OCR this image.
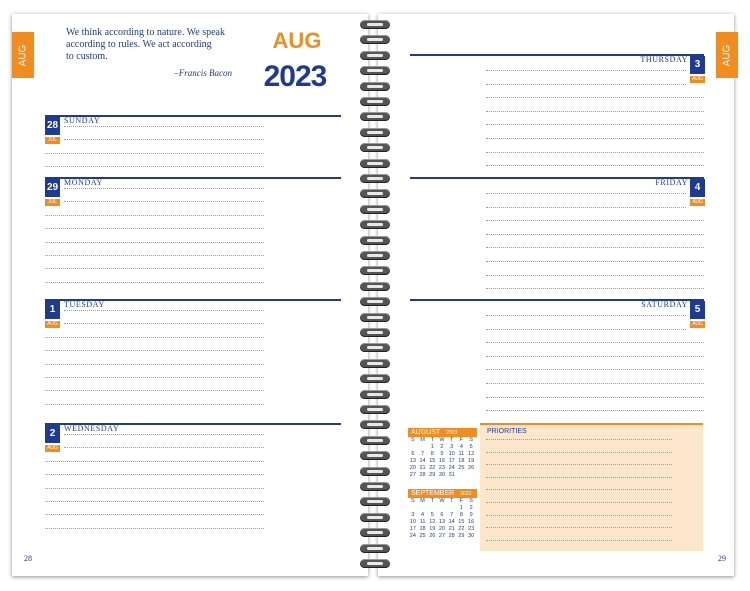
AUG
We think according to nature. We speak
according to rules. We act according
to custom.
–Francis Bacon
AUG
2023
28
JUL
SUNDAY
29
JUL
MONDAY
1
AUG
TUESDAY
2
AUG
WEDNESDAY
3
AUG
THURSDAY
4
AUG
FRIDAY
5
AUG
SATURDAY
28
AUG
AUGUST 2023
S	M	T	W	T	F	S
		1	2	3	4	5
6	7	8	9	10	11	12
13	14	15	16	17	18	19
20	21	22	23	24	25	26
27	28	29	30	31		
SEPTEMBER 2023
S	M	T	W	T	F	S
					1	2
3	4	5	6	7	8	9
10	11	12	13	14	15	16
17	18	19	20	21	22	23
24	25	26	27	28	29	30
PRIORITIES
29
